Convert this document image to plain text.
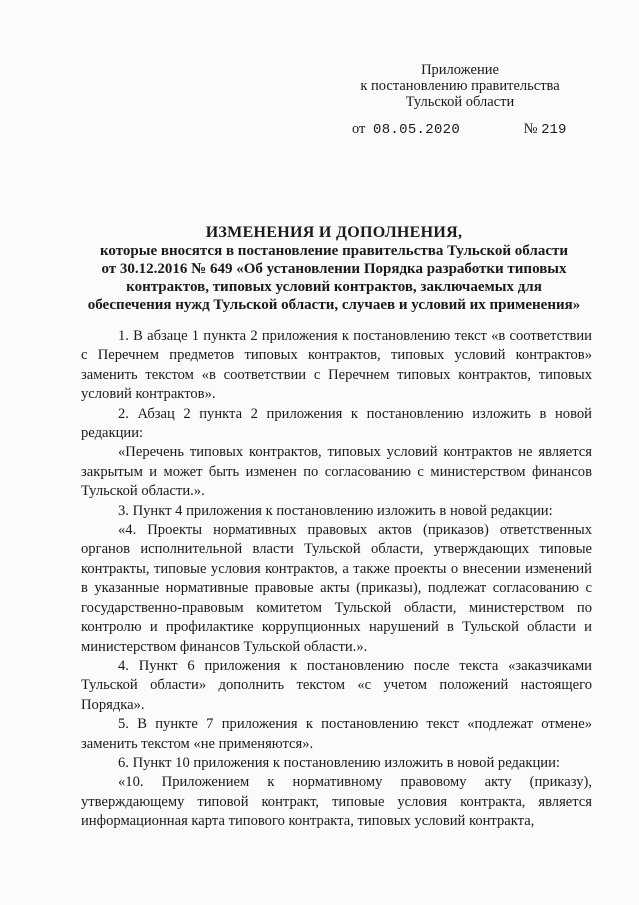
Приложение
к постановлению правительства
Тульской области
от 08.05.2020	№ 219
ИЗМЕНЕНИЯ И ДОПОЛНЕНИЯ,
которые вносятся в постановление правительства Тульской области
от 30.12.2016 № 649 «Об установлении Порядка разработки типовых
контрактов, типовых условий контрактов, заключаемых для
обеспечения нужд Тульской области, случаев и условий их применения»

1. В абзаце 1 пункта 2 приложения к постановлению текст «в соответствии с Перечнем предметов типовых контрактов, типовых условий контрактов» заменить текстом «в соответствии с Перечнем типовых контрактов, типовых условий контрактов».

2. Абзац 2 пункта 2 приложения к постановлению изложить в новой редакции:

«Перечень типовых контрактов, типовых условий контрактов не является закрытым и может быть изменен по согласованию с министерством финансов Тульской области.».

3. Пункт 4 приложения к постановлению изложить в новой редакции:

«4. Проекты нормативных правовых актов (приказов) ответственных органов исполнительной власти Тульской области, утверждающих типовые контракты, типовые условия контрактов, а также проекты о внесении изменений в указанные нормативные правовые акты (приказы), подлежат согласованию с государственно-правовым комитетом Тульской области, министерством по контролю и профилактике коррупционных нарушений в Тульской области и министерством финансов Тульской области.».

4. Пункт 6 приложения к постановлению после текста «заказчиками Тульской области» дополнить текстом «с учетом положений настоящего Порядка».

5. В пункте 7 приложения к постановлению текст «подлежат отмене» заменить текстом «не применяются».

6. Пункт 10 приложения к постановлению изложить в новой редакции:

«10. Приложением к нормативному правовому акту (приказу), утверждающему типовой контракт, типовые условия контракта, является информационная карта типового контракта, типовых условий контракта,
